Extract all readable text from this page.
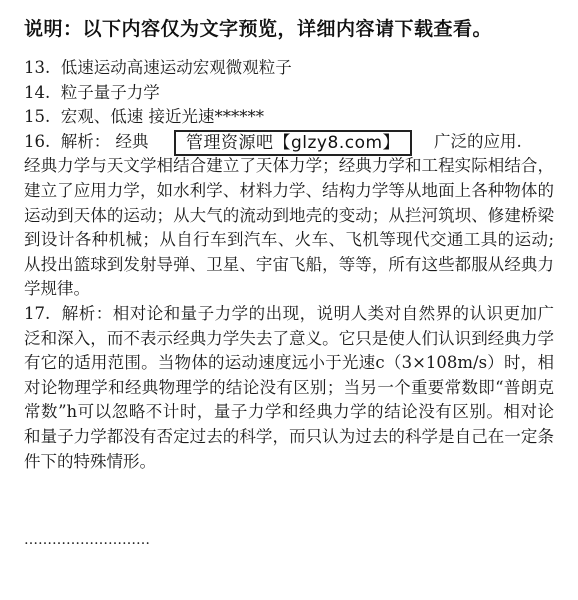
说明：以下内容仅为文字预览，详细内容请下载查看。
13. 低速运动高速运动宏观微观粒子
14. 粒子量子力学
15. 宏观、低速 接近光速******
16. 解析： 经典	广泛的应用.
经典力学与天文学相结合建立了天体力学；经典力学和工程实际相结合，建立了应用力学，如水利学、材料力学、结构力学等从地面上各种物体的运动到天体的运动；从大气的流动到地壳的变动；从拦河筑坝、修建桥梁到设计各种机械；从自行车到汽车、火车、飞机等现代交通工具的运动;从投出篮球到发射导弹、卫星、宇宙飞船，等等，所有这些都服从经典力学规律。
17. 解析：相对论和量子力学的出现，说明人类对自然界的认识更加广泛和深入，而不表示经典力学失去了意义。它只是使人们认识到经典力学有它的适用范围。当物体的运动速度远小于光速c（3×108m/s）时，相对论物理学和经典物理学的结论没有区别；当另一个重要常数即“普朗克常数”h可以忽略不计时，量子力学和经典力学的结论没有区别。相对论和量子力学都没有否定过去的科学，而只认为过去的科学是自己在一定条件下的特殊情形。
………………………
管理资源吧【glzy8.com】
